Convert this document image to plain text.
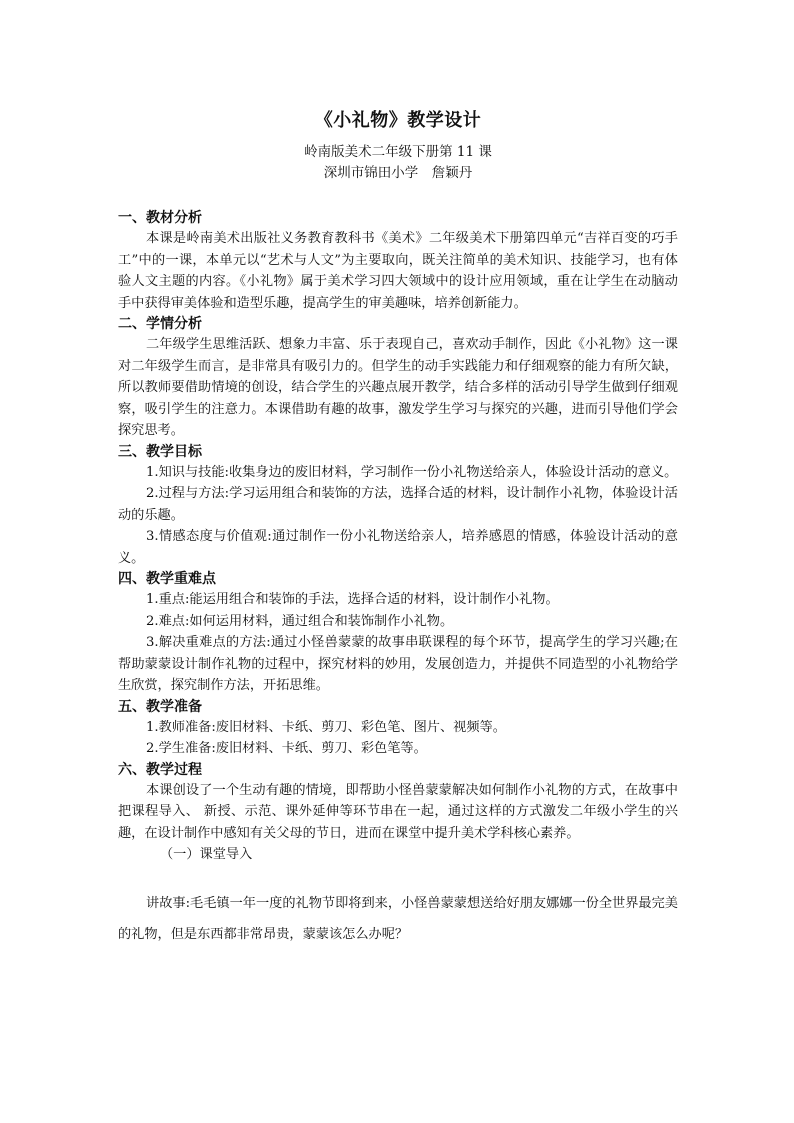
《小礼物》教学设计
岭南版美术二年级下册第 11 课
深圳市锦田小学　詹颖丹
一、教材分析

本课是岭南美术出版社义务教育教科书《美术》二年级美术下册第四单元“吉祥百变的巧手工”中的一课，本单元以“艺术与人文”为主要取向，既关注简单的美术知识、技能学习，也有体验人文主题的内容。《小礼物》属于美术学习四大领域中的设计应用领域，重在让学生在动脑动手中获得审美体验和造型乐趣，提高学生的审美趣味，培养创新能力。

二、学情分析

二年级学生思维活跃、想象力丰富、乐于表现自己，喜欢动手制作，因此《小礼物》这一课对二年级学生而言，是非常具有吸引力的。但学生的动手实践能力和仔细观察的能力有所欠缺，所以教师要借助情境的创设，结合学生的兴趣点展开教学，结合多样的活动引导学生做到仔细观察，吸引学生的注意力。本课借助有趣的故事，激发学生学习与探究的兴趣，进而引导他们学会探究思考。

三、教学目标

1.知识与技能:收集身边的废旧材料，学习制作一份小礼物送给亲人，体验设计活动的意义。

2.过程与方法:学习运用组合和装饰的方法，选择合适的材料，设计制作小礼物，体验设计活动的乐趣。

3.情感态度与价值观:通过制作一份小礼物送给亲人，培养感恩的情感，体验设计活动的意义。

四、教学重难点

1.重点:能运用组合和装饰的手法，选择合适的材料，设计制作小礼物。

2.难点:如何运用材料，通过组合和装饰制作小礼物。

3.解决重难点的方法:通过小怪兽蒙蒙的故事串联课程的每个环节，提高学生的学习兴趣;在帮助蒙蒙设计制作礼物的过程中，探究材料的妙用，发展创造力，并提供不同造型的小礼物给学生欣赏，探究制作方法，开拓思维。

五、教学准备

1.教师准备:废旧材料、卡纸、剪刀、彩色笔、图片、视频等。

2.学生准备:废旧材料、卡纸、剪刀、彩色笔等。

六、教学过程

本课创设了一个生动有趣的情境，即帮助小怪兽蒙蒙解决如何制作小礼物的方式，在故事中把课程导入、 新授、示范、课外延伸等环节串在一起，通过这样的方式激发二年级小学生的兴趣，在设计制作中感知有关父母的节日，进而在课堂中提升美术学科核心素养。

（一）课堂导入

讲故事:毛毛镇一年一度的礼物节即将到来，小怪兽蒙蒙想送给好朋友娜娜一份全世界最完美的礼物，但是东西都非常昂贵，蒙蒙该怎么办呢？
